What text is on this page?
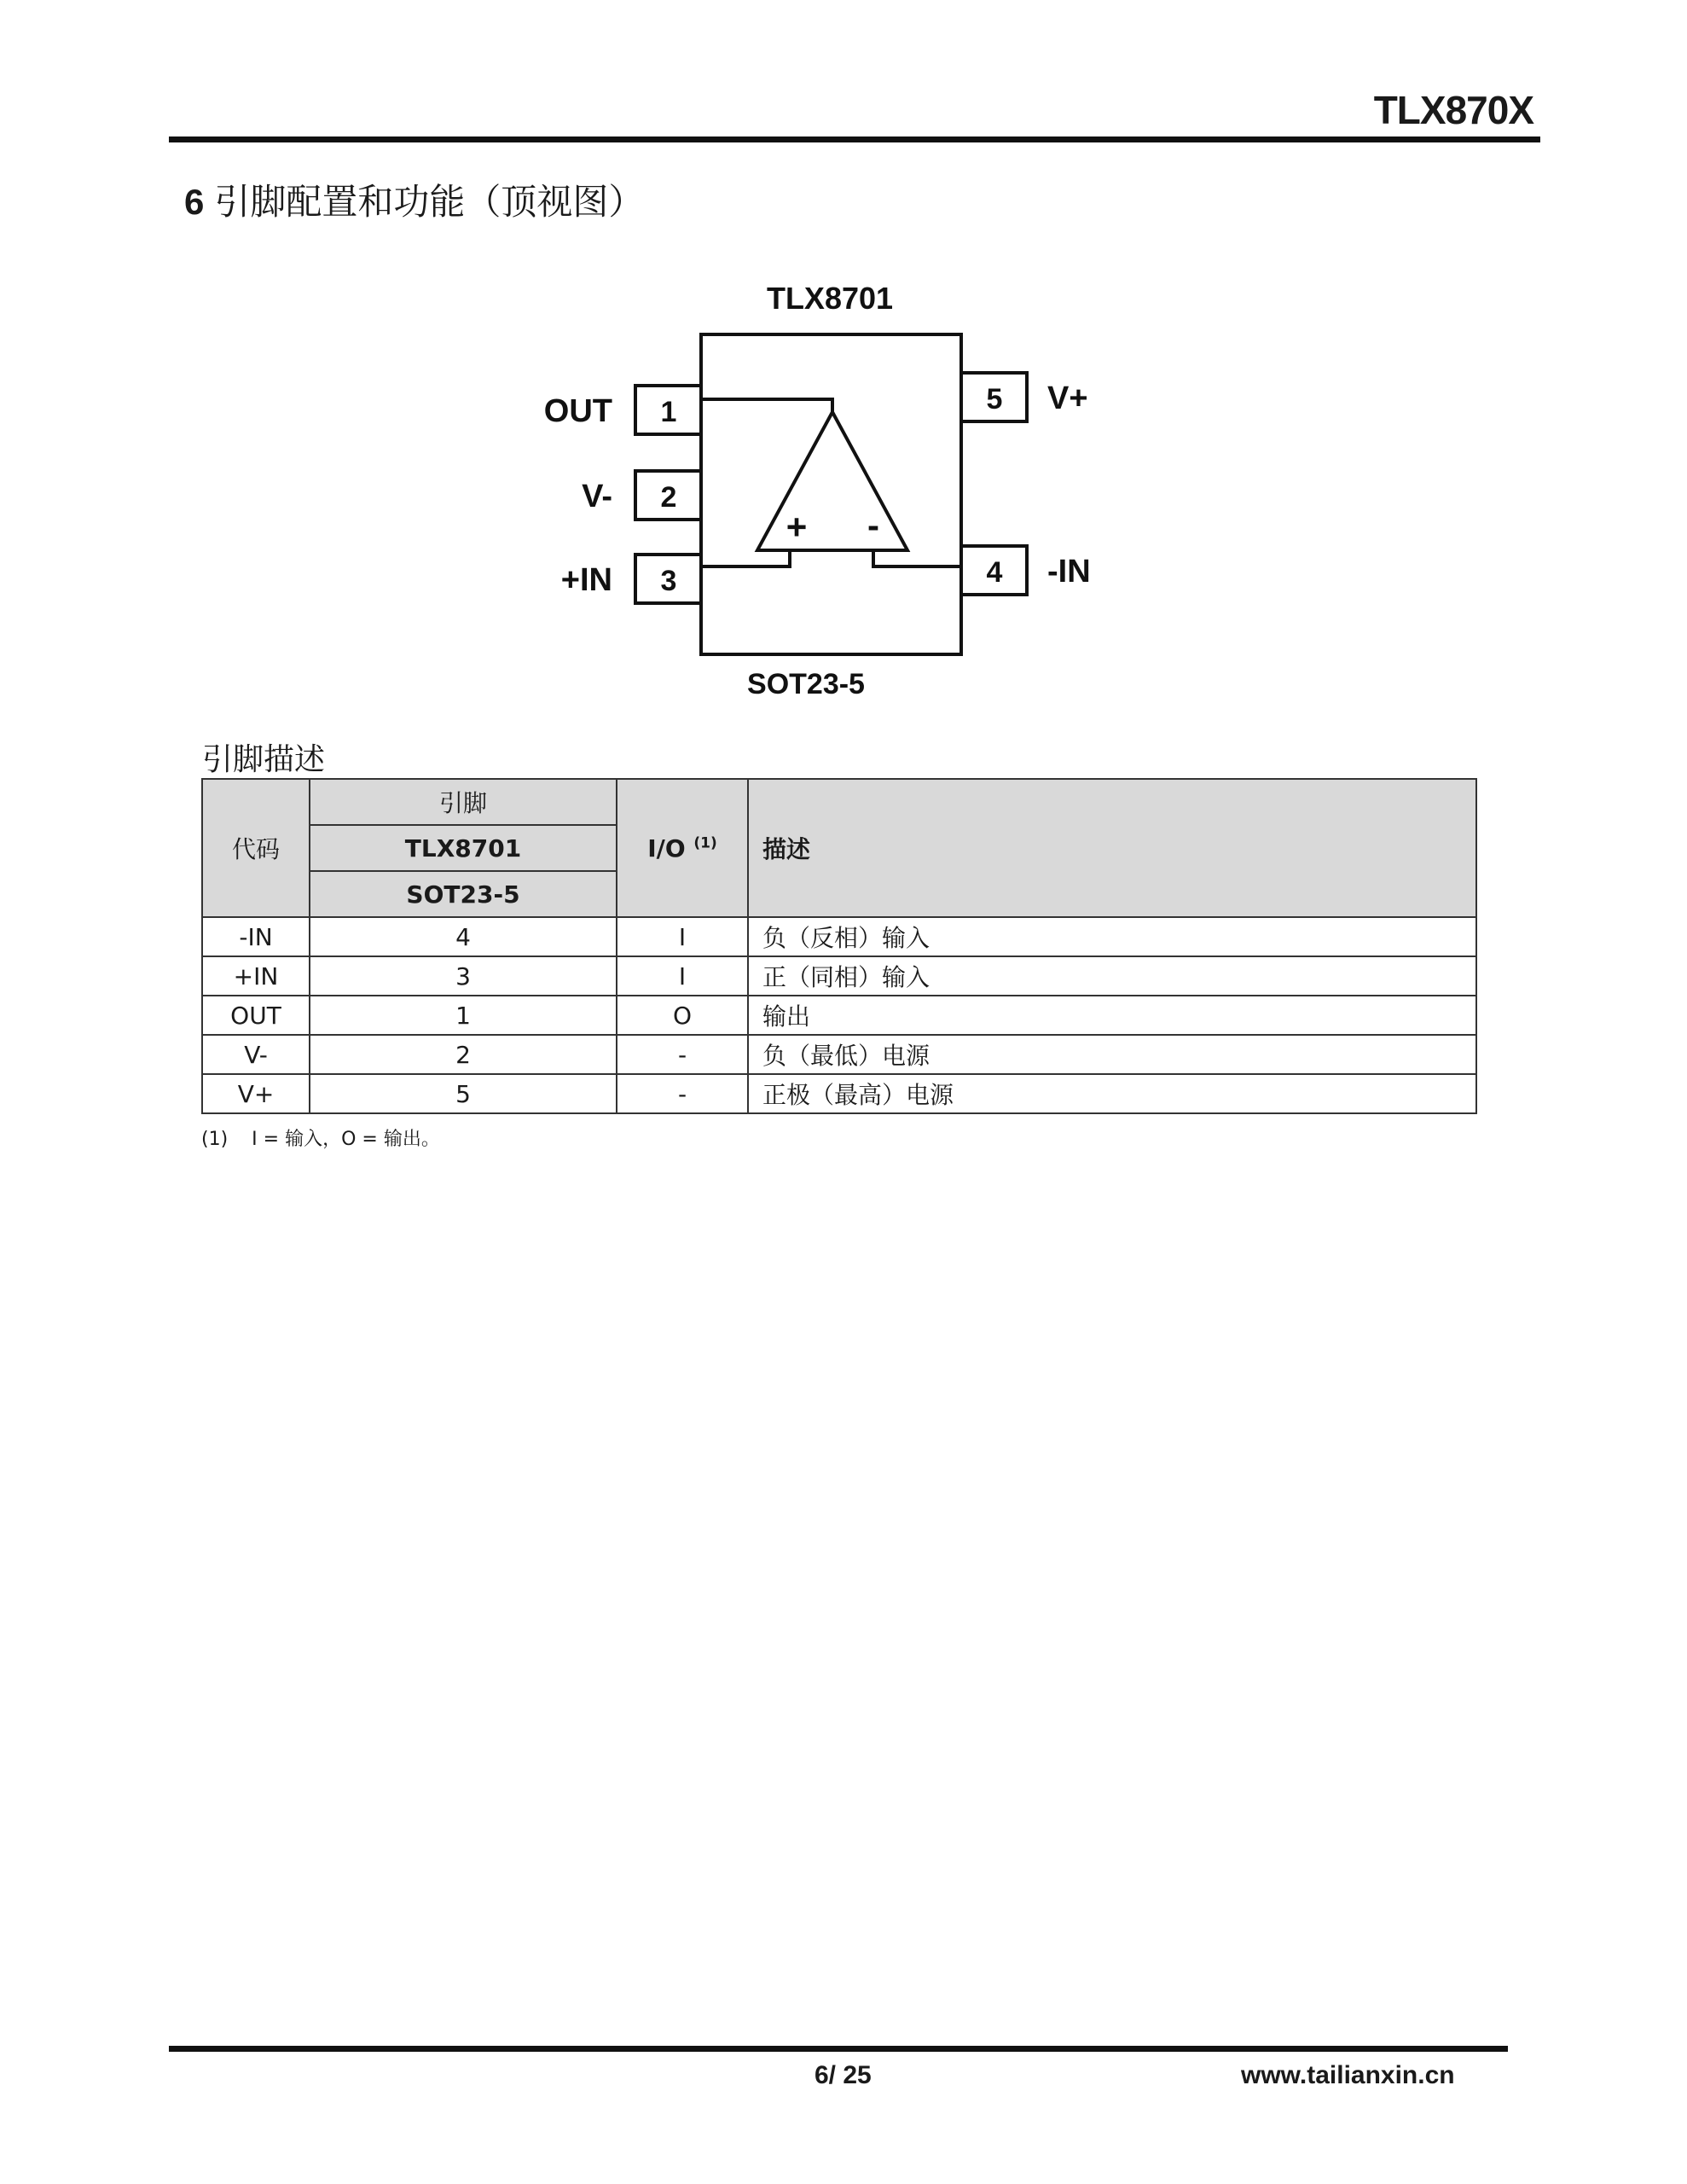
TLX870X
6 引脚配置和功能（顶视图）
TLX8701
SOT23-5
1
2
3	4
5
OUT
V-
+IN	-IN
V+
+ -
引脚描述
代码	引脚	I/O $^{(1)}$	描述
	TLX8701		
	SOT23-5		
-IN	4	I	负（反相）输入
+IN	3	I	正（同相）输入
OUT	1	O	输出
V-	2	-	负（最低）电源
V+	5	-	正极（最高）电源
(1) I = 输入，O = 输出。
6/ 25	www.tailianxin.cn
